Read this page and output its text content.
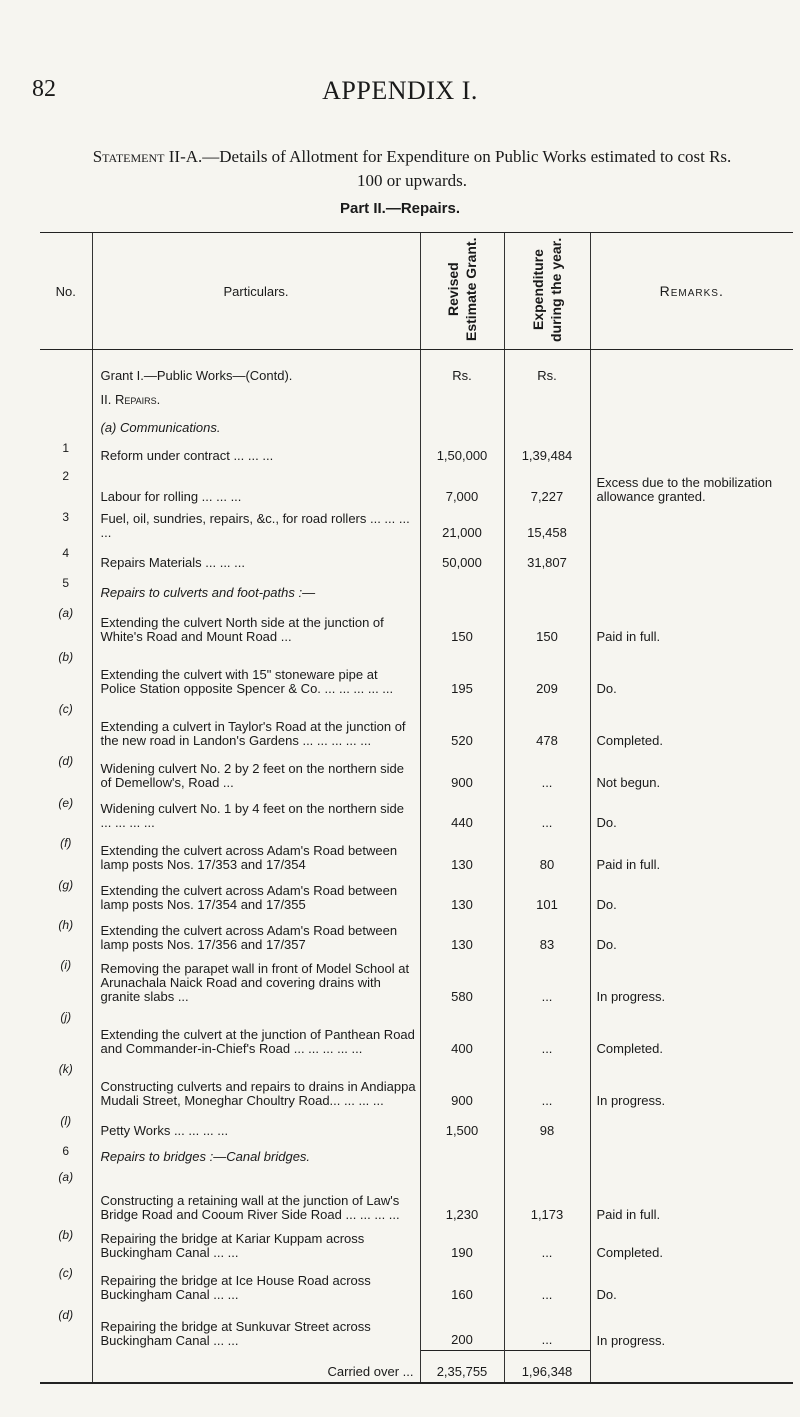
82	APPENDIX I.
Statement II-A.—Details of Allotment for Expenditure on Public Works estimated to cost Rs. 100 or upwards.
Part II.—Repairs.
No.	Particulars.	Revised Estimate Grant.	Expenditure during the year.	Remarks.
	Grant I.—Public Works—(Contd).	Rs.	Rs.	
	II. Repairs.			
	(a) Communications.			
1	Reform under contract ... ... ...	1,50,000	1,39,484	
2	Labour for rolling ... ... ...	7,000	7,227	Excess due to the mobilization allowance granted.
3	Fuel, oil, sundries, repairs, &c., for road rollers ... ... ... ...	21,000	15,458	
4	Repairs Materials ... ... ...	50,000	31,807	
5	Repairs to culverts and foot-paths :—			
(a)	Extending the culvert North side at the junction of White's Road and Mount Road ...	150	150	Paid in full.
(b)	Extending the culvert with 15" stoneware pipe at Police Station opposite Spencer & Co. ... ... ... ... ...	195	209	Do.
(c)	Extending a culvert in Taylor's Road at the junction of the new road in Landon's Gardens ... ... ... ... ...	520	478	Completed.
(d)	Widening culvert No. 2 by 2 feet on the northern side of Demellow's, Road ...	900	...	Not begun.
(e)	Widening culvert No. 1 by 4 feet on the northern side ... ... ... ...	440	...	Do.
(f)	Extending the culvert across Adam's Road between lamp posts Nos. 17/353 and 17/354	130	80	Paid in full.
(g)	Extending the culvert across Adam's Road between lamp posts Nos. 17/354 and 17/355	130	101	Do.
(h)	Extending the culvert across Adam's Road between lamp posts Nos. 17/356 and 17/357	130	83	Do.
(i)	Removing the parapet wall in front of Model School at Arunachala Naick Road and covering drains with granite slabs ...	580	...	In progress.
(j)	Extending the culvert at the junction of Panthean Road and Commander-in-Chief's Road ... ... ... ... ...	400	...	Completed.
(k)	Constructing culverts and repairs to drains in Andiappa Mudali Street, Moneghar Choultry Road... ... ... ...	900	...	In progress.
(l)	Petty Works ... ... ... ...	1,500	98	
6	Repairs to bridges :—Canal bridges.			
(a)	Constructing a retaining wall at the junction of Law's Bridge Road and Cooum River Side Road ... ... ... ...	1,230	1,173	Paid in full.
(b)	Repairing the bridge at Kariar Kuppam across Buckingham Canal ... ...	190	...	Completed.
(c)	Repairing the bridge at Ice House Road across Buckingham Canal ... ...	160	...	Do.
(d)	Repairing the bridge at Sunkuvar Street across Buckingham Canal ... ...	200	...	In progress.
	Carried over ...	2,35,755	1,96,348	
